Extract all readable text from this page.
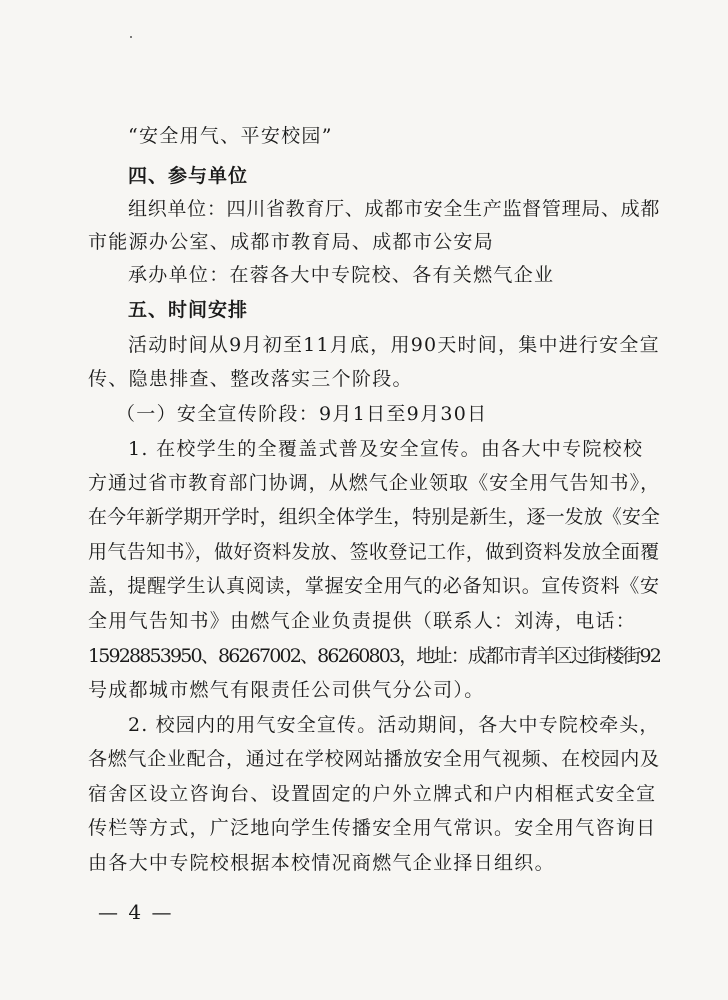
“安全用气、平安校园”
四、参与单位
组织单位：四川省教育厅、成都市安全生产监督管理局、成都
市能源办公室、成都市教育局、成都市公安局
承办单位：在蓉各大中专院校、各有关燃气企业
五、时间安排
活动时间从9月初至11月底，用90天时间，集中进行安全宣
传、隐患排查、整改落实三个阶段。
（一）安全宣传阶段：9月1日至9月30日
1. 在校学生的全覆盖式普及安全宣传。由各大中专院校校
方通过省市教育部门协调，从燃气企业领取《安全用气告知书》，
在今年新学期开学时，组织全体学生，特别是新生，逐一发放《安全
用气告知书》，做好资料发放、签收登记工作，做到资料发放全面覆
盖，提醒学生认真阅读，掌握安全用气的必备知识。宣传资料《安
全用气告知书》由燃气企业负责提供（联系人：刘涛，电话：
15928853950、86267002、86260803，地址：成都市青羊区过街楼街92
号成都城市燃气有限责任公司供气分公司）。
2. 校园内的用气安全宣传。活动期间，各大中专院校牵头，
各燃气企业配合，通过在学校网站播放安全用气视频、在校园内及
宿舍区设立咨询台、设置固定的户外立牌式和户内相框式安全宣
传栏等方式，广泛地向学生传播安全用气常识。安全用气咨询日
由各大中专院校根据本校情况商燃气企业择日组织。
— 4 —
